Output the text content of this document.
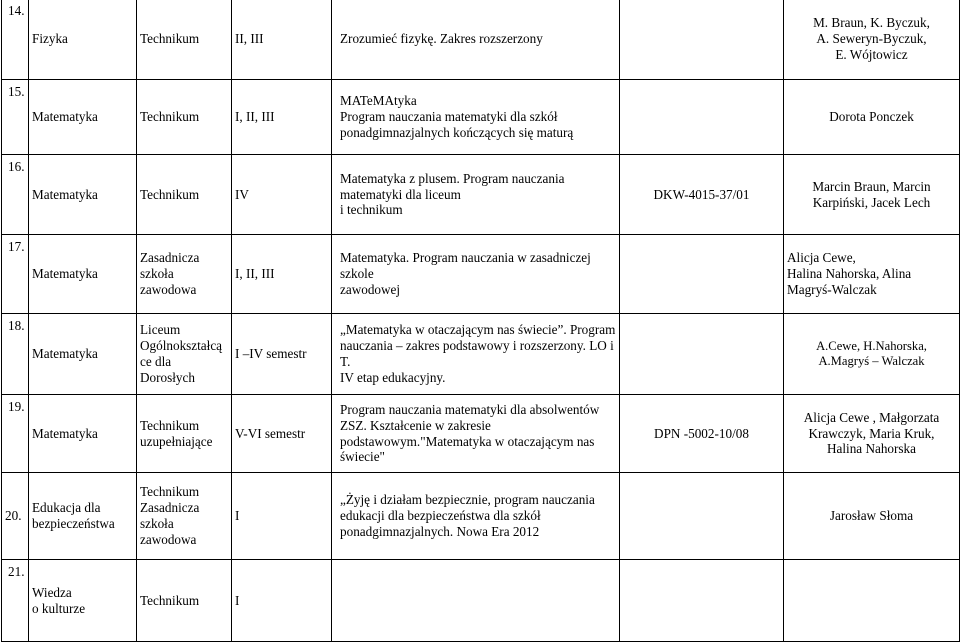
14.	Fizyka	Technikum	II, III	Zrozumieć fizykę. Zakres rozszerzony		M. Braun, K. Byczuk,
A. Seweryn-Byczuk,
E. Wójtowicz

15.	Matematyka	Technikum	I, II, III	MATeMAtyka
Program nauczania matematyki dla szkół
ponadgimnazjalnych kończących się maturą		Dorota Ponczek

16.	Matematyka	Technikum	IV	Matematyka z plusem. Program nauczania
matematyki dla liceum
i technikum	DKW-4015-37/01	Marcin Braun, Marcin
Karpiński, Jacek Lech

17.	Matematyka	Zasadnicza
szkoła
zawodowa	I, II, III	Matematyka. Program nauczania w zasadniczej szkole
zawodowej		Alicja Cewe,
Halina Nahorska, Alina
Magryś-Walczak

18.	Matematyka	Liceum
Ogólnokształcą
ce dla
Dorosłych	I –IV semestr	„Matematyka w otaczającym nas świecie”. Program
nauczania – zakres podstawowy i rozszerzony. LO i T.
IV etap edukacyjny.		A.Cewe, H.Nahorska,
A.Magryś – Walczak

19.	Matematyka	Technikum
uzupełniające	V-VI semestr	Program nauczania matematyki dla absolwentów
ZSZ. Kształcenie w zakresie
podstawowym."Matematyka w otaczającym nas
świecie"	DPN -5002-10/08	Alicja Cewe , Małgorzata
Krawczyk, Maria Kruk,
Halina Nahorska

20.	Edukacja dla
bezpieczeństwa	Technikum
Zasadnicza
szkoła
zawodowa	I	„Żyję i działam bezpiecznie, program nauczania
edukacji dla bezpieczeństwa dla szkół
ponadgimnazjalnych. Nowa Era 2012		Jarosław Słoma

21.	Wiedza
o kulturze	Technikum	I	
